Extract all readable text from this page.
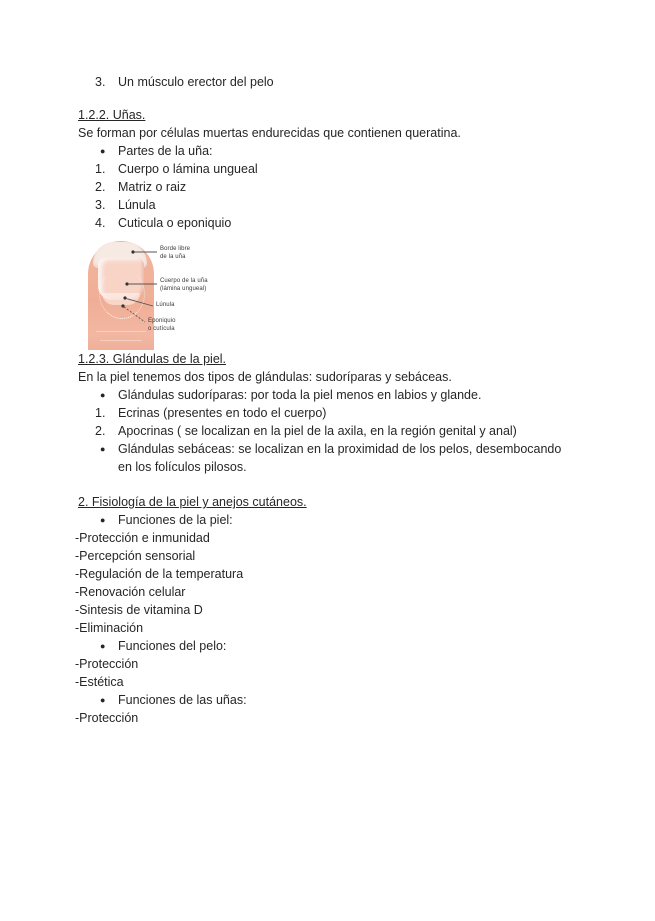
3. Un músculo erector del pelo
1.2.2. Uñas.
Se forman por células muertas endurecidas que contienen queratina.
● Partes de la uña:
1. Cuerpo o lámina ungueal
2. Matriz o raiz
3. Lúnula
4. Cuticula o eponiquio
Borde libre
de la uña
Cuerpo de la uña
(lámina ungueal)
Lúnula
Eponiquio
o cutícula
1.2.3. Glándulas de la piel.
En la piel tenemos dos tipos de glándulas: sudoríparas y sebáceas.
● Glándulas sudoríparas: por toda la piel menos en labios y glande.
1. Ecrinas (presentes en todo el cuerpo)
2. Apocrinas ( se localizan en la piel de la axila, en la región genital y anal)
● Glándulas sebáceas: se localizan en la proximidad de los pelos, desembocando
en los folículos pilosos.
2. Fisiología de la piel y anejos cutáneos.
● Funciones de la piel:
-Protección e inmunidad
-Percepción sensorial
-Regulación de la temperatura
-Renovación celular
-Sintesis de vitamina D
-Eliminación
● Funciones del pelo:
-Protección
-Estética
● Funciones de las uñas:
-Protección
